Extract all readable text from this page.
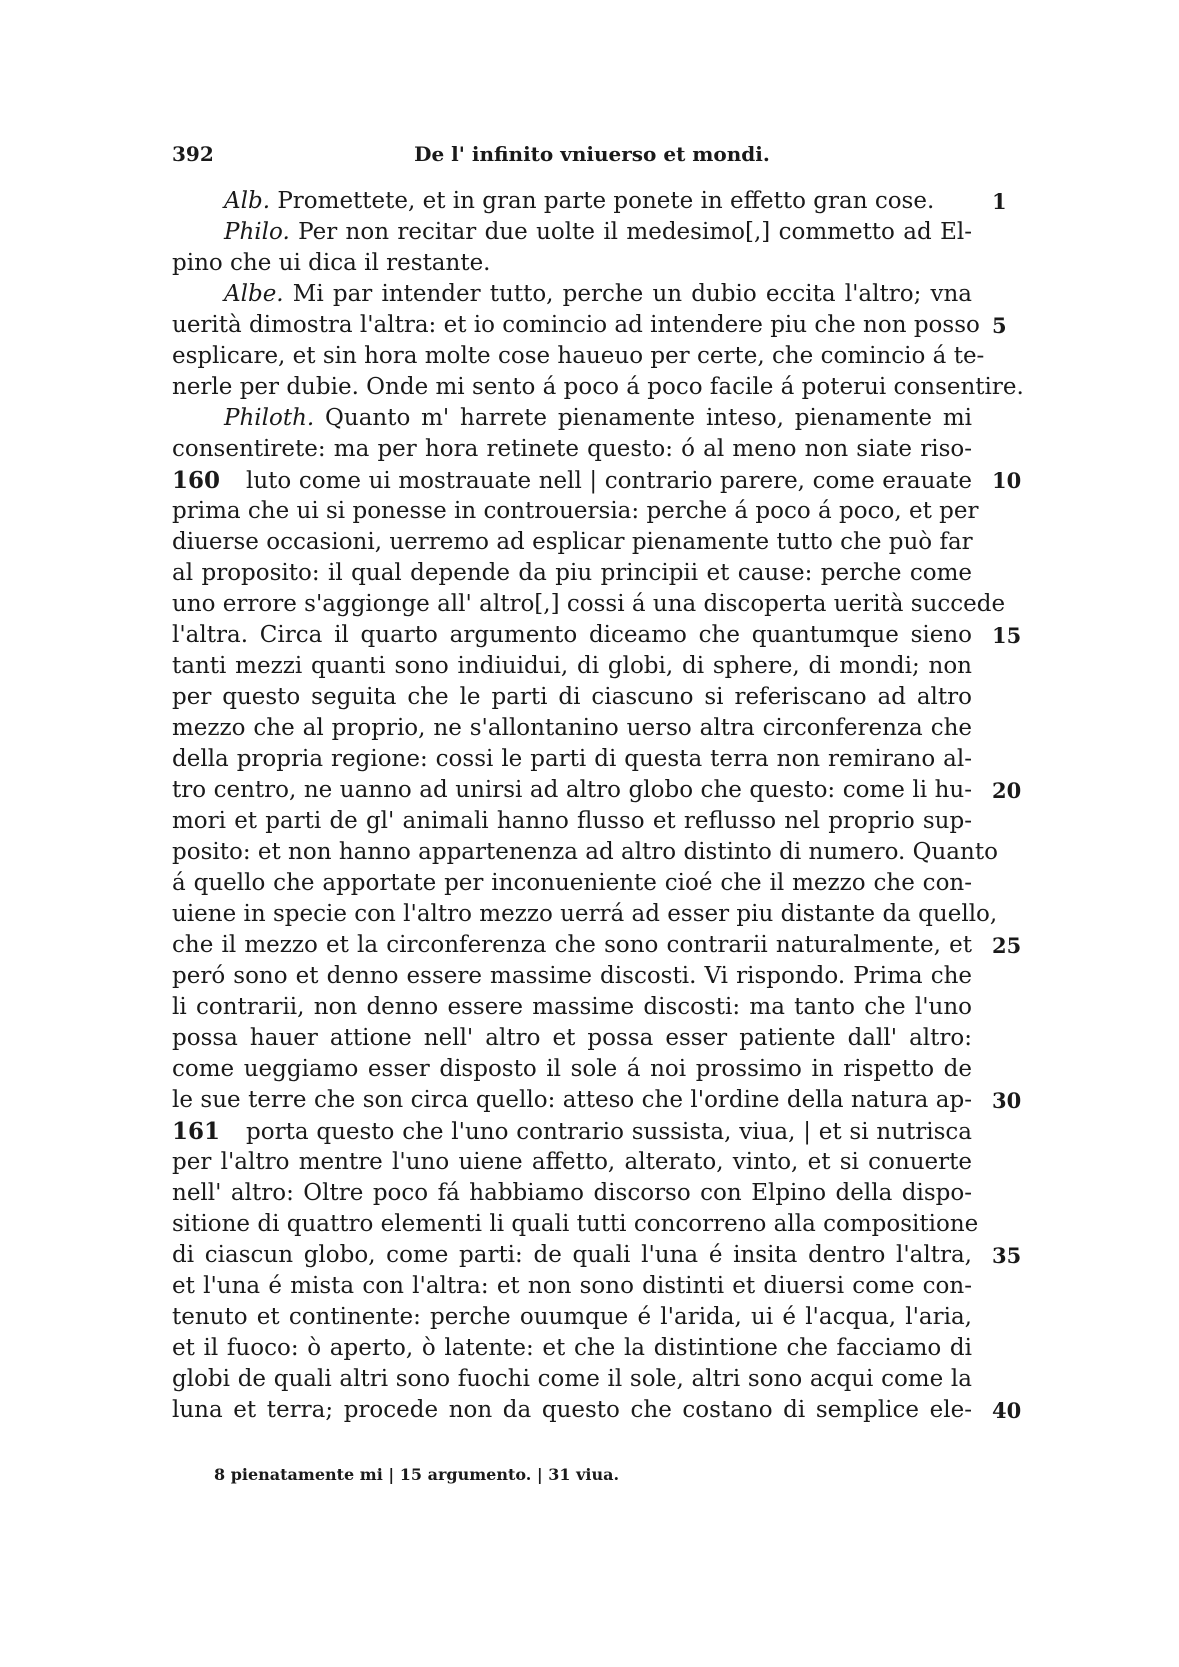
392	De l' infinito vniuerso et mondi.
Alb. Promettete, et in gran parte ponete in effetto gran cose.	1
Philo. Per non recitar due uolte il medesimo[,] commetto ad El-
pino che ui dica il restante.
Albe. Mi par intender tutto, perche un dubio eccita l'altro; vna
uerità dimostra l'altra: et io comincio ad intendere piu che non posso 5
esplicare, et sin hora molte cose haueuo per certe, che comincio á te-
nerle per dubie. Onde mi sento á poco á poco facile á poterui consentire.
Philoth. Quanto m' harrete pienamente inteso, pienamente mi
consentirete: ma per hora retinete questo: ó al meno non siate riso-
160 luto come ui mostrauate nell | contrario parere, come erauate 10
prima che ui si ponesse in controuersia: perche á poco á poco, et per
diuerse occasioni, uerremo ad esplicar pienamente tutto che può far
al proposito: il qual depende da piu principii et cause: perche come
uno errore s'aggionge all' altro[,] cossi á una discoperta uerità succede
l'altra. Circa il quarto argumento diceamo che quantumque sieno 15
tanti mezzi quanti sono indiuidui, di globi, di sphere, di mondi; non
per questo seguita che le parti di ciascuno si referiscano ad altro
mezzo che al proprio, ne s'allontanino uerso altra circonferenza che
della propria regione: cossi le parti di questa terra non remirano al-
tro centro, ne uanno ad unirsi ad altro globo che questo: come li hu- 20
mori et parti de gl' animali hanno flusso et reflusso nel proprio sup-
posito: et non hanno appartenenza ad altro distinto di numero. Quanto
á quello che apportate per inconueniente cioé che il mezzo che con-
uiene in specie con l'altro mezzo uerrá ad esser piu distante da quello,
che il mezzo et la circonferenza che sono contrarii naturalmente, et 25
peró sono et denno essere massime discosti. Vi rispondo. Prima che
li contrarii, non denno essere massime discosti: ma tanto che l'uno
possa hauer attione nell' altro et possa esser patiente dall' altro:
come ueggiamo esser disposto il sole á noi prossimo in rispetto de
le sue terre che son circa quello: atteso che l'ordine della natura ap- 30
161 porta questo che l'uno contrario sussista, viua, | et si nutrisca
per l'altro mentre l'uno uiene affetto, alterato, vinto, et si conuerte
nell' altro: Oltre poco fá habbiamo discorso con Elpino della dispo-
sitione di quattro elementi li quali tutti concorreno alla compositione
di ciascun globo, come parti: de quali l'una é insita dentro l'altra, 35
et l'una é mista con l'altra: et non sono distinti et diuersi come con-
tenuto et continente: perche ouumque é l'arida, ui é l'acqua, l'aria,
et il fuoco: ò aperto, ò latente: et che la distintione che facciamo di
globi de quali altri sono fuochi come il sole, altri sono acqui come la
luna et terra; procede non da questo che costano di semplice ele- 40
8 pienatamente mi | 15 argumento. | 31 viua.
